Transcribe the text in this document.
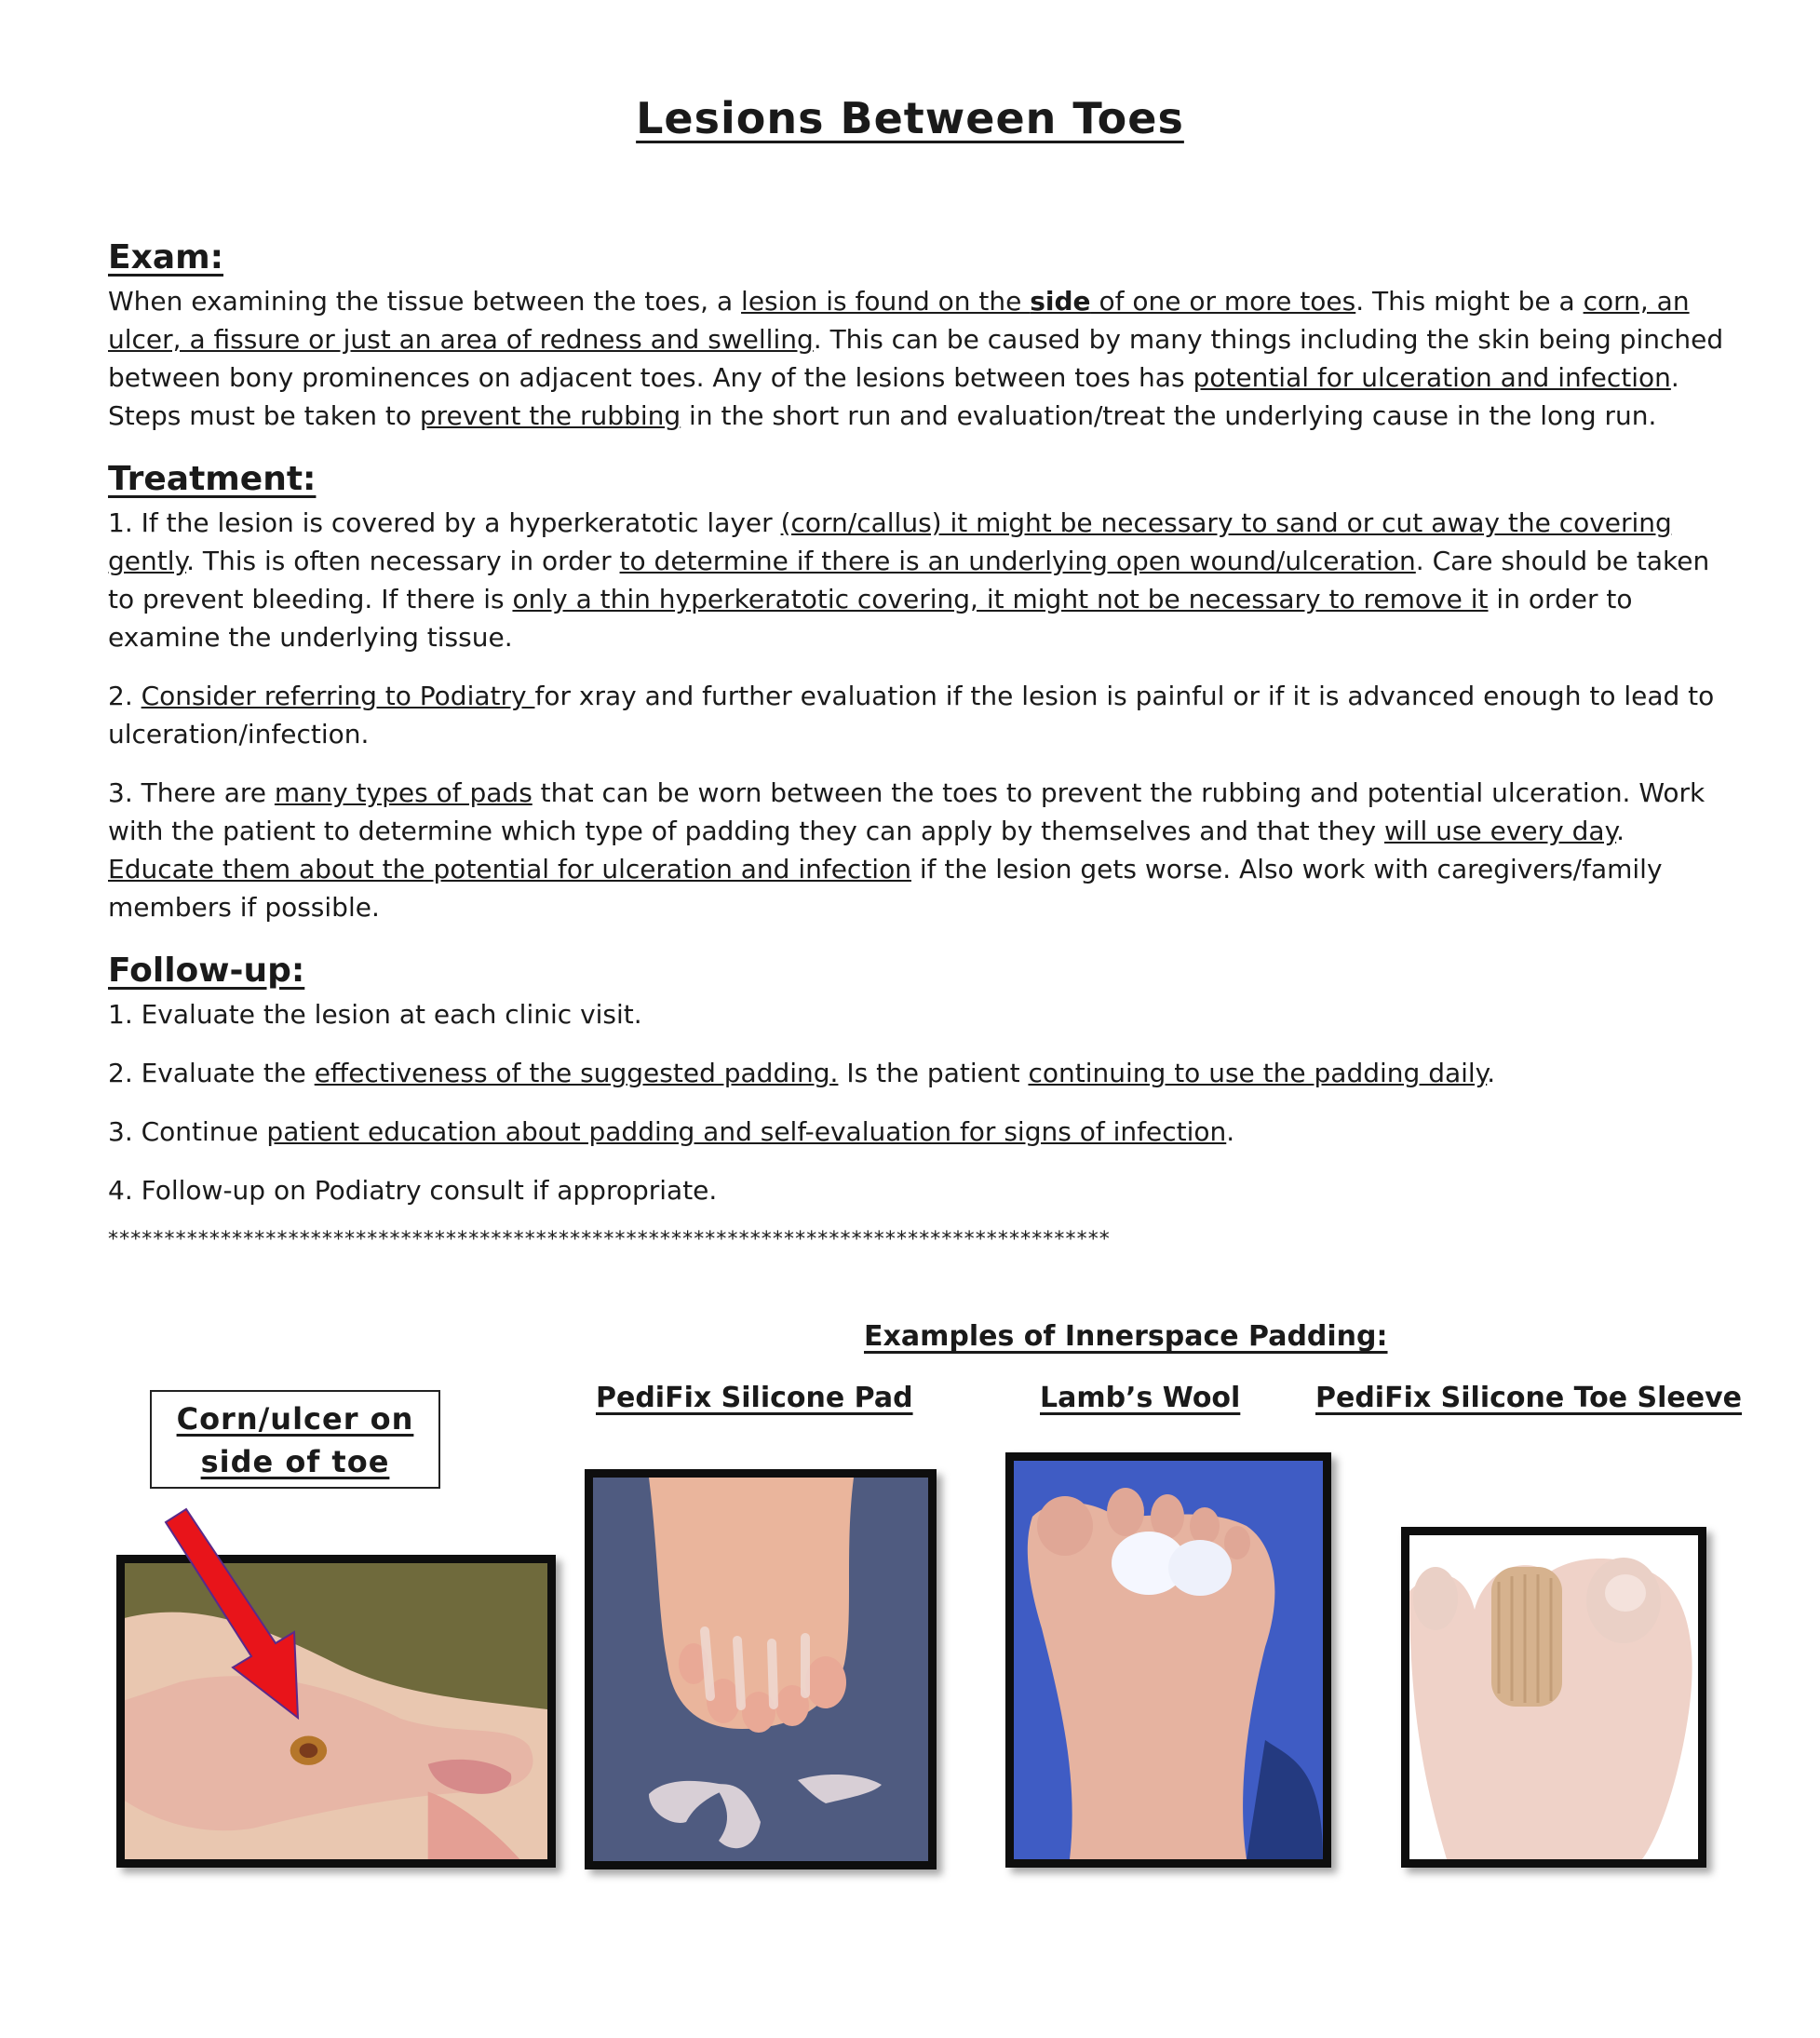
Lesions Between Toes
Exam:

When examining the tissue between the toes, a lesion is found on the side of one or more toes. This might be a corn, an ulcer, a fissure or just an area of redness and swelling. This can be caused by many things including the skin being pinched between bony prominences on adjacent toes. Any of the lesions between toes has potential for ulceration and infection. Steps must be taken to prevent the rubbing in the short run and evaluation/treat the underlying cause in the long run.

Treatment:

1. If the lesion is covered by a hyperkeratotic layer (corn/callus) it might be necessary to sand or cut away the covering gently. This is often necessary in order to determine if there is an underlying open wound/ulceration. Care should be taken to prevent bleeding. If there is only a thin hyperkeratotic covering, it might not be necessary to remove it in order to examine the underlying tissue.

2. Consider referring to Podiatry for xray and further evaluation if the lesion is painful or if it is advanced enough to lead to ulceration/infection.

3. There are many types of pads that can be worn between the toes to prevent the rubbing and potential ulceration. Work with the patient to determine which type of padding they can apply by themselves and that they will use every day. Educate them about the potential for ulceration and infection if the lesion gets worse. Also work with caregivers/family members if possible.

Follow-up:

1. Evaluate the lesion at each clinic visit.

2. Evaluate the effectiveness of the suggested padding. Is the patient continuing to use the padding daily.

3. Continue patient education about padding and self-evaluation for signs of infection.

4. Follow-up on Podiatry consult if appropriate.

*****************************************************************************************
Examples of Innerspace Padding:
PediFix Silicone Pad	Lamb’s Wool	PediFix Silicone Toe Sleeve
Corn/ulcer on
side of toe
